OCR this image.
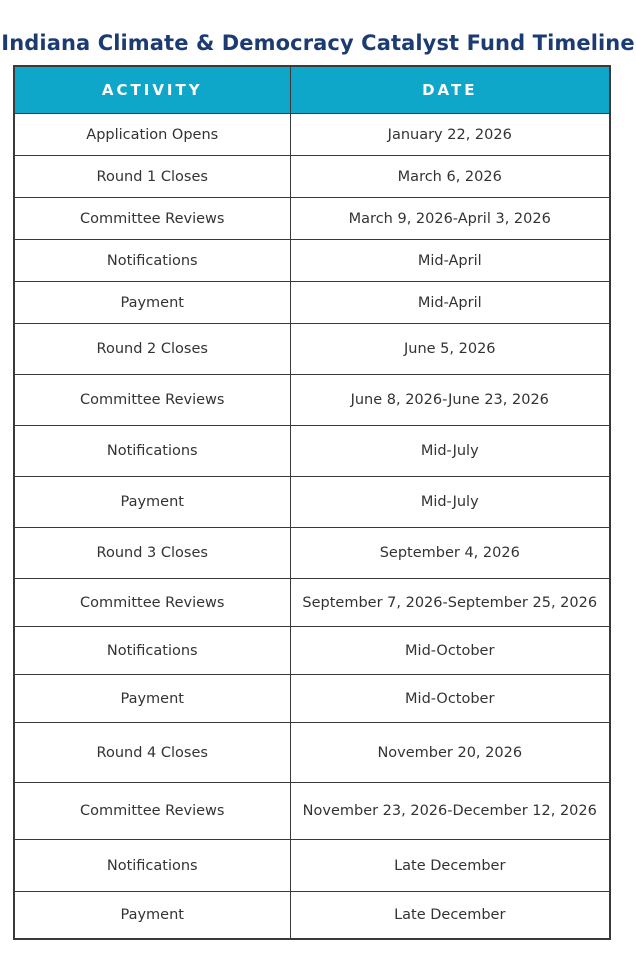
Indiana Climate & Democracy Catalyst Fund Timeline
ACTIVITY	DATE
Application Opens	January 22, 2026
Round 1 Closes	March 6, 2026
Committee Reviews	March 9, 2026-April 3, 2026
Notifications	Mid-April
Payment	Mid-April
Round 2 Closes	June 5, 2026
Committee Reviews	June 8, 2026-June 23, 2026
Notifications	Mid-July
Payment	Mid-July
Round 3 Closes	September 4, 2026
Committee Reviews	September 7, 2026-September 25, 2026
Notifications	Mid-October
Payment	Mid-October
Round 4 Closes	November 20, 2026
Committee Reviews	November 23, 2026-December 12, 2026
Notifications	Late December
Payment	Late December
